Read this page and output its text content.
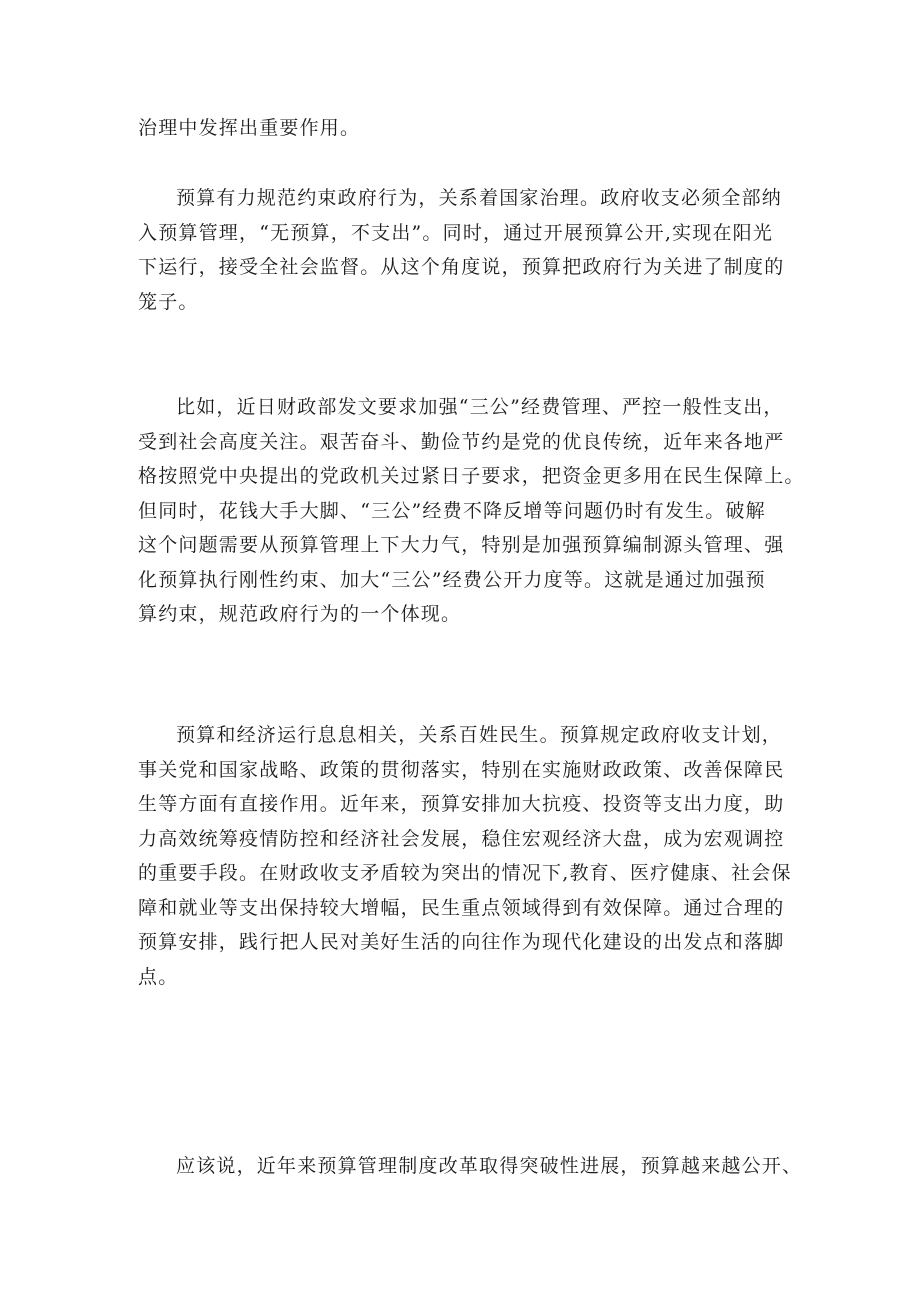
治理中发挥出重要作用。
预算有力规范约束政府行为，关系着国家治理。政府收支必须全部纳
入预算管理，“无预算，不支出”。同时，通过开展预算公开,实现在阳光
下运行，接受全社会监督。从这个角度说，预算把政府行为关进了制度的
笼子。
比如，近日财政部发文要求加强“三公”经费管理、严控一般性支出，
受到社会高度关注。艰苦奋斗、勤俭节约是党的优良传统，近年来各地严
格按照党中央提出的党政机关过紧日子要求，把资金更多用在民生保障上。
但同时，花钱大手大脚、“三公”经费不降反增等问题仍时有发生。破解
这个问题需要从预算管理上下大力气，特别是加强预算编制源头管理、强
化预算执行刚性约束、加大“三公”经费公开力度等。这就是通过加强预
算约束，规范政府行为的一个体现。
预算和经济运行息息相关，关系百姓民生。预算规定政府收支计划，
事关党和国家战略、政策的贯彻落实，特别在实施财政政策、改善保障民
生等方面有直接作用。近年来，预算安排加大抗疫、投资等支出力度，助
力高效统筹疫情防控和经济社会发展，稳住宏观经济大盘，成为宏观调控
的重要手段。在财政收支矛盾较为突出的情况下,教育、医疗健康、社会保
障和就业等支出保持较大增幅，民生重点领域得到有效保障。通过合理的
预算安排，践行把人民对美好生活的向往作为现代化建设的出发点和落脚
点。
应该说，近年来预算管理制度改革取得突破性进展，预算越来越公开、
